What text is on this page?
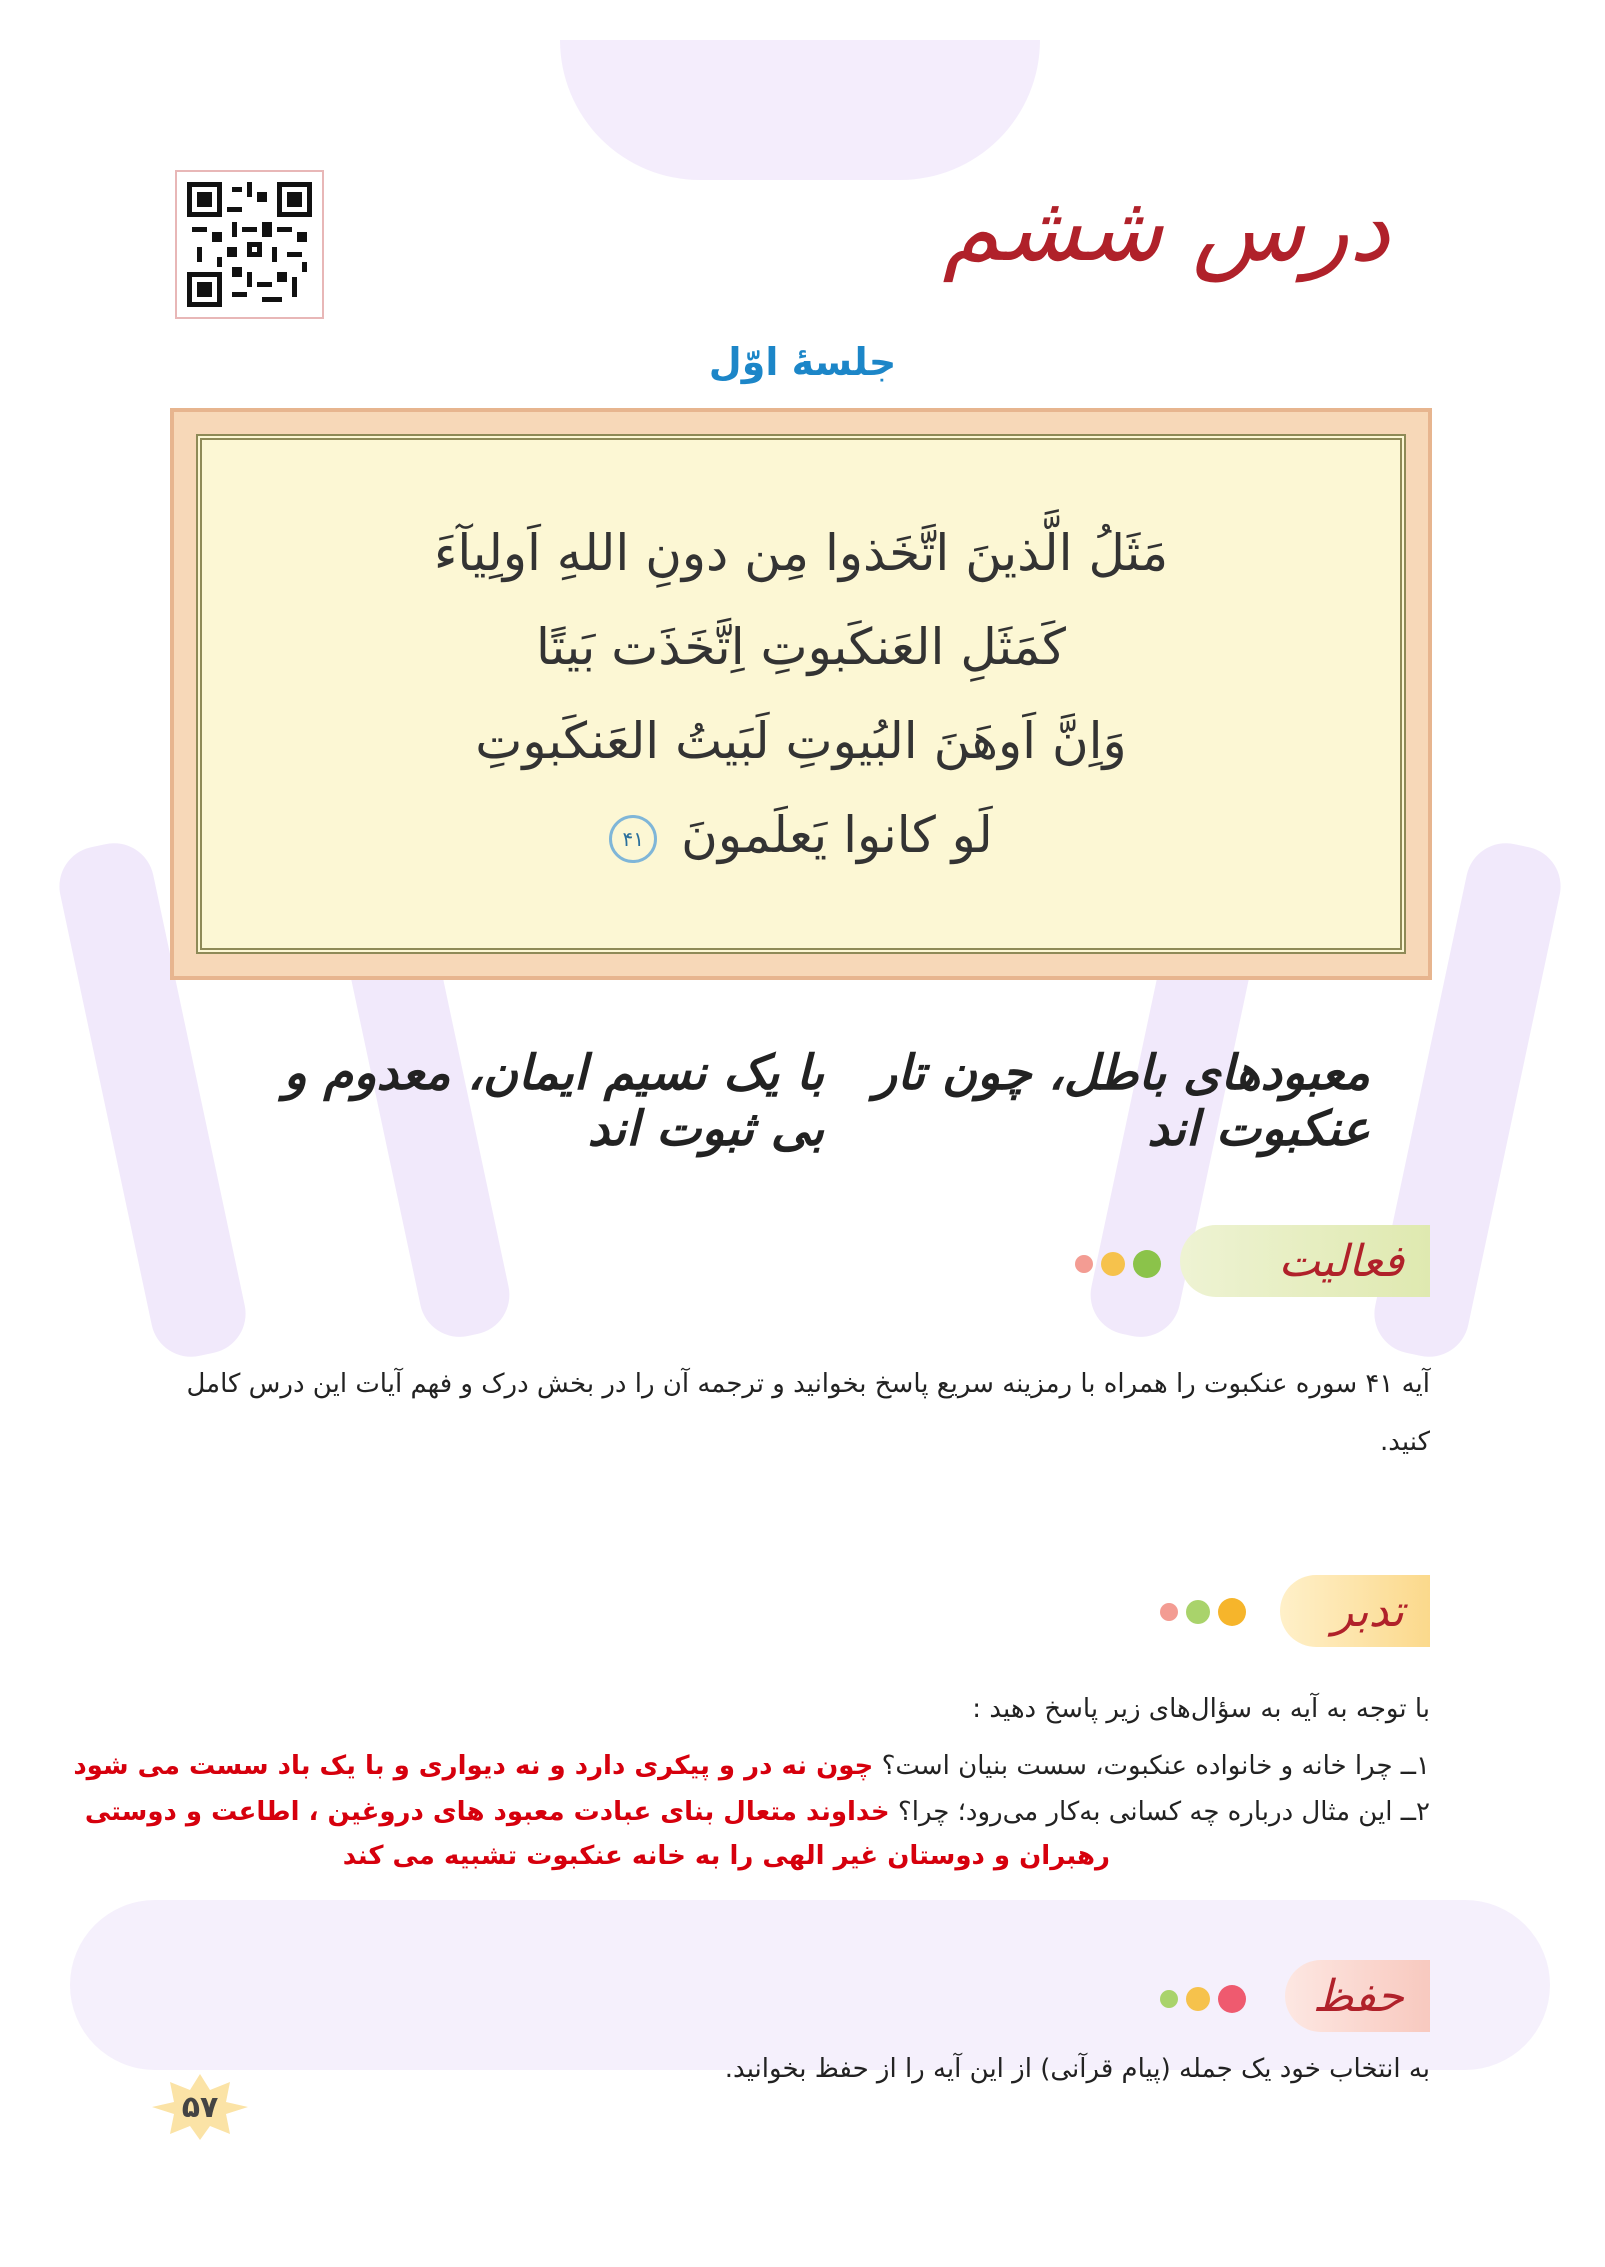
درس ششم
جلسهٔ اوّل
مَثَلُ الَّذينَ اتَّخَذوا مِن دونِ اللهِ اَولِيآءَ
كَمَثَلِ العَنكَبوتِ اِتَّخَذَت بَيتًا
وَاِنَّ اَوهَنَ البُيوتِ لَبَيتُ العَنكَبوتِ
لَو كانوا يَعلَمونَ ۴۱
معبودهای باطل، چون تار عنکبوت اند
با یک نسیم ایمان، معدوم و بی ثبوت اند
فعالیت
آیه ۴۱ سوره عنکبوت را همراه با رمزینه سریع پاسخ بخوانید و ترجمه آن را در بخش درک و فهم آیات این درس کامل کنید.
تدبر
با توجه به آیه به سؤال‌های زیر پاسخ دهید :
۱ــ چرا خانه و خانواده عنکبوت، سست بنیان است؟ چون نه در و پیکری دارد و نه دیواری و با یک باد سست می شود
۲ــ این مثال درباره چه کسانی به‌کار می‌رود؛ چرا؟ خداوند متعال بنای عبادت معبود های دروغین ، اطاعت و دوستی
رهبران و دوستان غیر الهی را به خانه عنکبوت تشبیه می کند
حفظ
به انتخاب خود یک جمله (پیام قرآنی) از این آیه را از حفظ بخوانید.
۵۷
